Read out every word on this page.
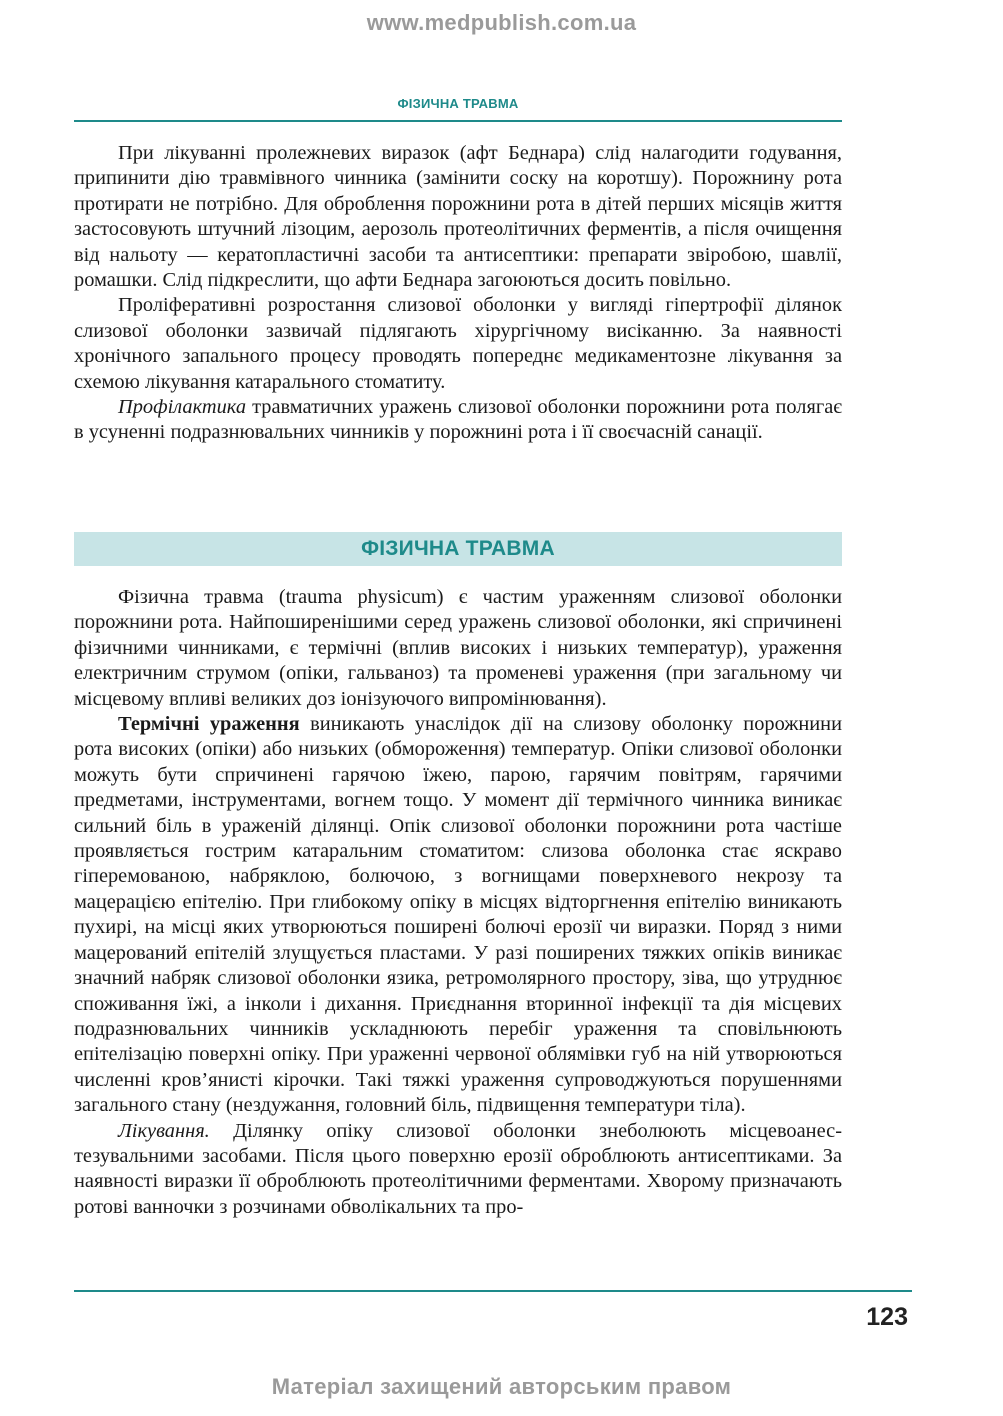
www.medpublish.com.ua
ФІЗИЧНА ТРАВМА

При лікуванні пролежневих виразок (афт Беднара) слід налагодити годування, припинити дію травмівного чинника (замінити соску на коротшу). Порожнину рота протирати не потрібно. Для оброблення порожнини рота в дітей перших місяців життя застосовують штучний лізоцим, аерозоль протеолітичних ферментів, а після очищення від нальоту — кератопластичні засоби та антисептики: препарати звіробою, шавлії, ромашки. Слід підкреслити, що афти Беднара загоюються досить повільно.

Проліферативні розростання слизової оболонки у вигляді гіпертрофії ділянок слизової оболонки зазвичай підлягають хірургічному висіканню. За наявності хронічного запального процесу проводять попереднє медикаментозне лікування за схемою лікування катарального стоматиту.

Профілактика травматичних уражень слизової оболонки порожнини рота полягає в усуненні подразнювальних чинників у порожнині рота і її своєчасній санації.

ФІЗИЧНА ТРАВМА

Фізична травма (trauma physicum) є частим ураженням слизової оболонки порожнини рота. Найпоширенішими серед уражень слизової оболонки, які спричинені фізичними чинниками, є термічні (вплив високих і низьких температур), ураження електричним струмом (опіки, гальваноз) та променеві ураження (при загальному чи місцевому впливі великих доз іонізуючого випромінювання).

Термічні ураження виникають унаслідок дії на слизову оболонку порожнини рота високих (опіки) або низьких (обмороження) температур. Опіки слизової оболонки можуть бути спричинені гарячою їжею, парою, гарячим повітрям, гарячими предметами, інструментами, вогнем тощо. У момент дії термічного чинника виникає сильний біль в ураженій ділянці. Опік слизової оболонки порожнини рота частіше проявляється гострим катаральним стоматитом: слизова оболонка стає яскраво гіперемованою, набряклою, болючою, з вогнищами поверхневого некрозу та мацерацією епітелію. При глибокому опіку в місцях відторгнення епітелію виникають пухирі, на місці яких утворюються поширені болючі ерозії чи виразки. Поряд з ними мацерований епітелій злущується пластами. У разі поширених тяжких опіків виникає значний набряк слизової оболонки язика, ретромолярного простору, зіва, що утруднює споживання їжі, а інколи і дихання. Приєднання вторинної інфекції та дія місцевих подразнювальних чинників ускладнюють перебіг ураження та сповільнюють епітелізацію поверхні опіку. При ураженні червоної облямівки губ на ній утворюються численні кров’янисті кірочки. Такі тяжкі ураження супроводжуються порушеннями загального стану (нездужання, головний біль, підвищення температури тіла).

Лікування. Ділянку опіку слизової оболонки знеболюють місцевоанестезувальними засобами. Після цього поверхню ерозії оброблюють антисептиками. За наявності виразки її оброблюють протеолітичними ферментами. Хворому призначають ротові ванночки з розчинами обволікальних та про-

123
Матеріал захищений авторським правом
